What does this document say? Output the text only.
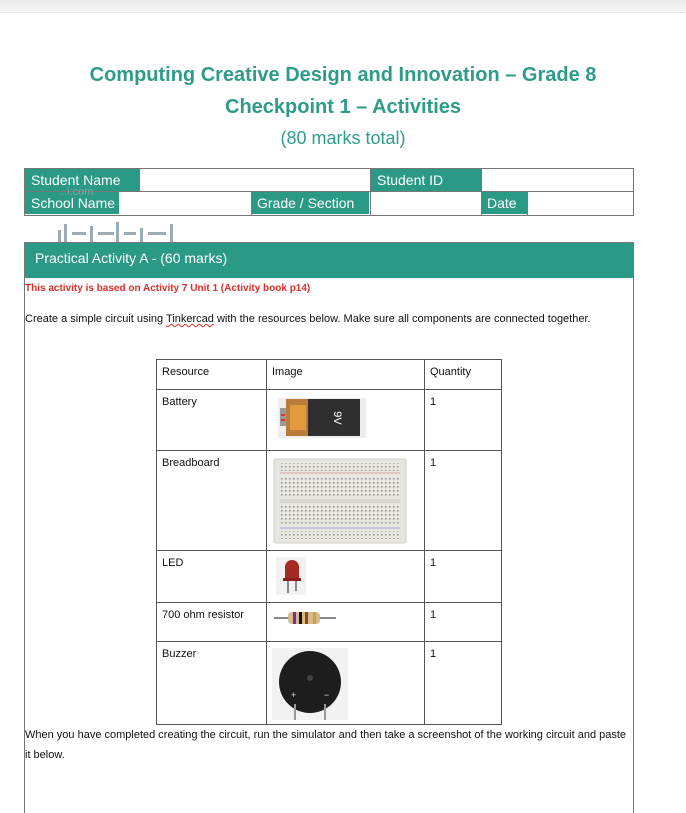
Computing Creative Design and Innovation – Grade 8
Checkpoint 1 – Activities
(80 marks total)
Student Name	Student ID
School Name	Grade / Section	Date
...i.com
Practical Activity A - (60 marks)
This activity is based on Activity 7 Unit 1 (Activity book p14)
Create a simple circuit using Tinkercad with the resources below. Make sure all components are connected together.
Resource	Image	Quantity
Battery	9V	1
Breadboard		1
LED		1
700 ohm resistor		1
Buzzer	+ −	1
When you have completed creating the circuit, run the simulator and then take a screenshot of the working circuit and paste it below.
